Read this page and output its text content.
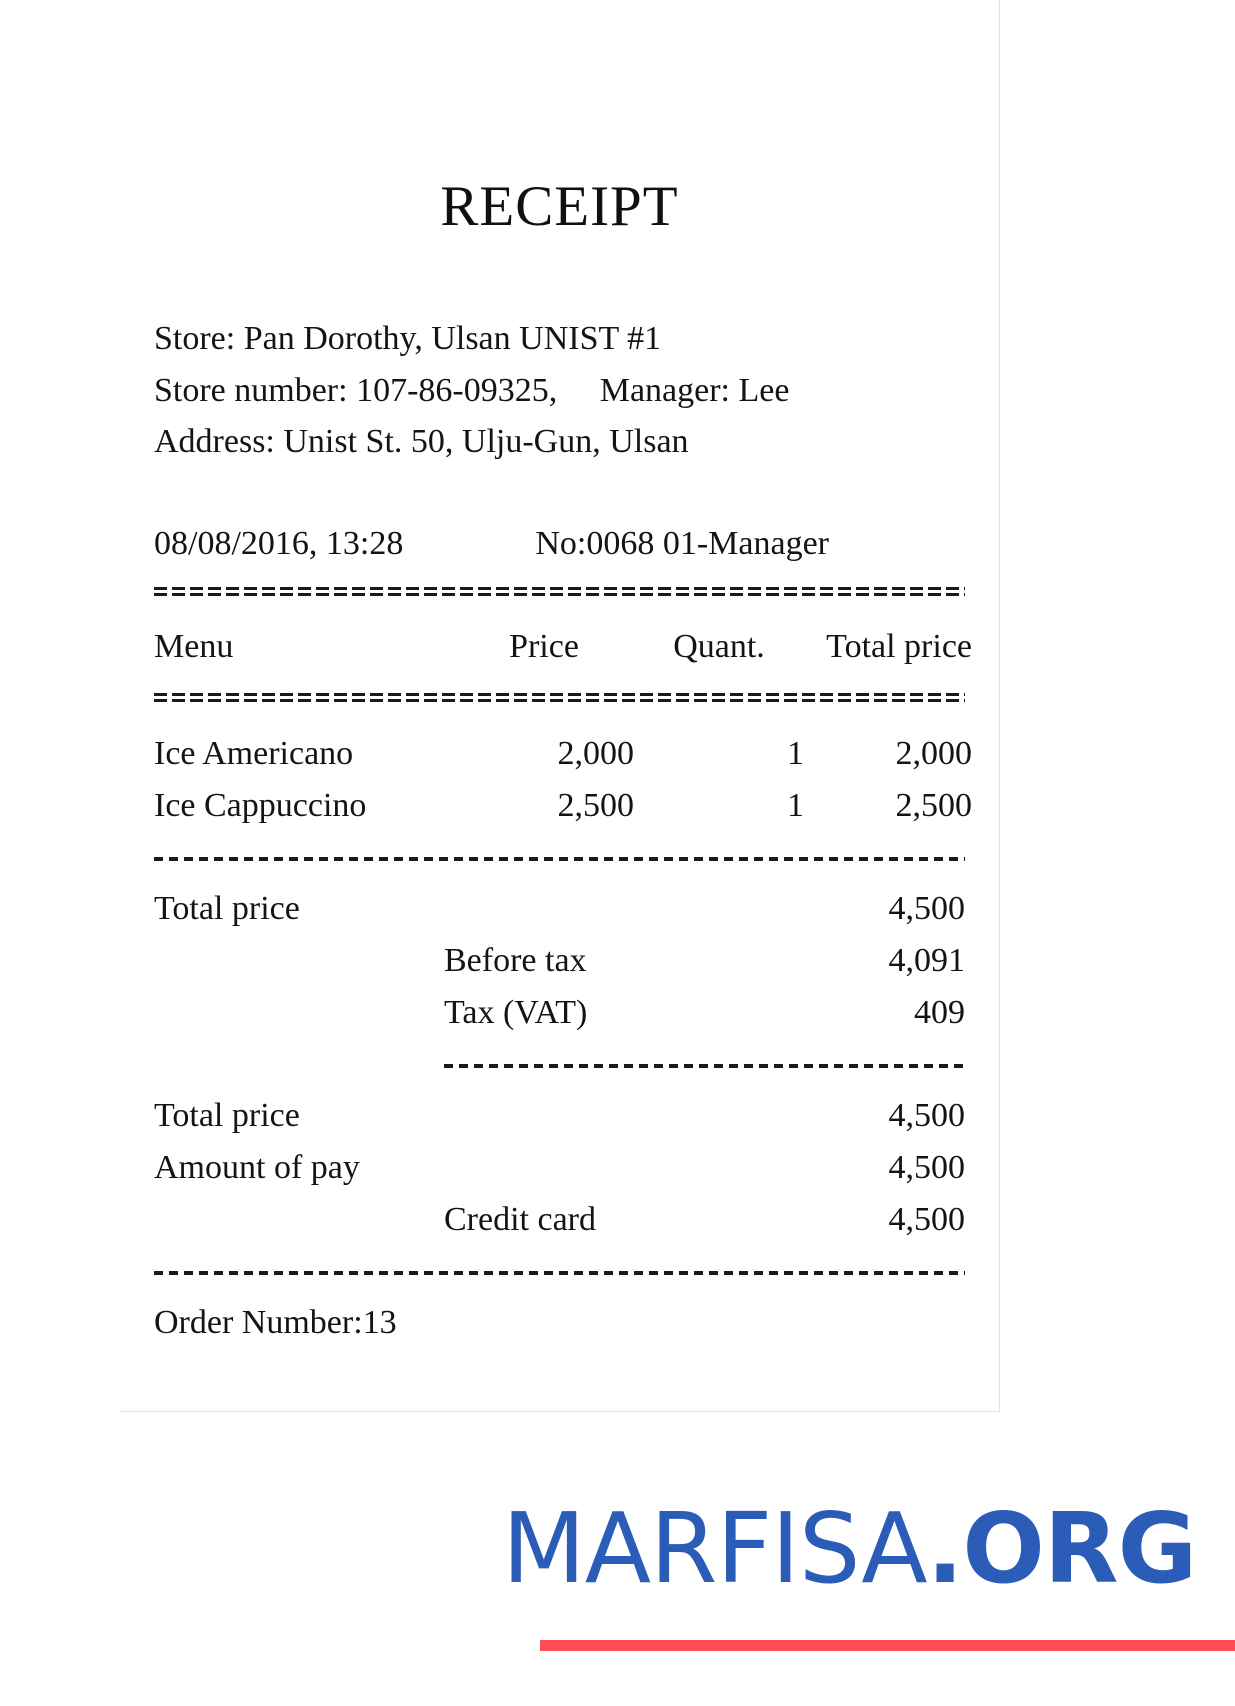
RECEIPT
Store: Pan Dorothy, Ulsan UNIST #1
Store number: 107-86-09325,     Manager: Lee
Address: Unist St. 50, Ulju-Gun, Ulsan
08/08/2016, 13:28	No:0068 01-Manager
Menu	Price	Quant.	Total price
Ice Americano	2,000	1	2,000
Ice Cappuccino	2,500	1	2,500
Total price	4,500
Before tax	4,091
Tax (VAT)	409
Total price	4,500
Amount of pay	4,500
Credit card	4,500
Order Number:13
MARFISA.ORG
